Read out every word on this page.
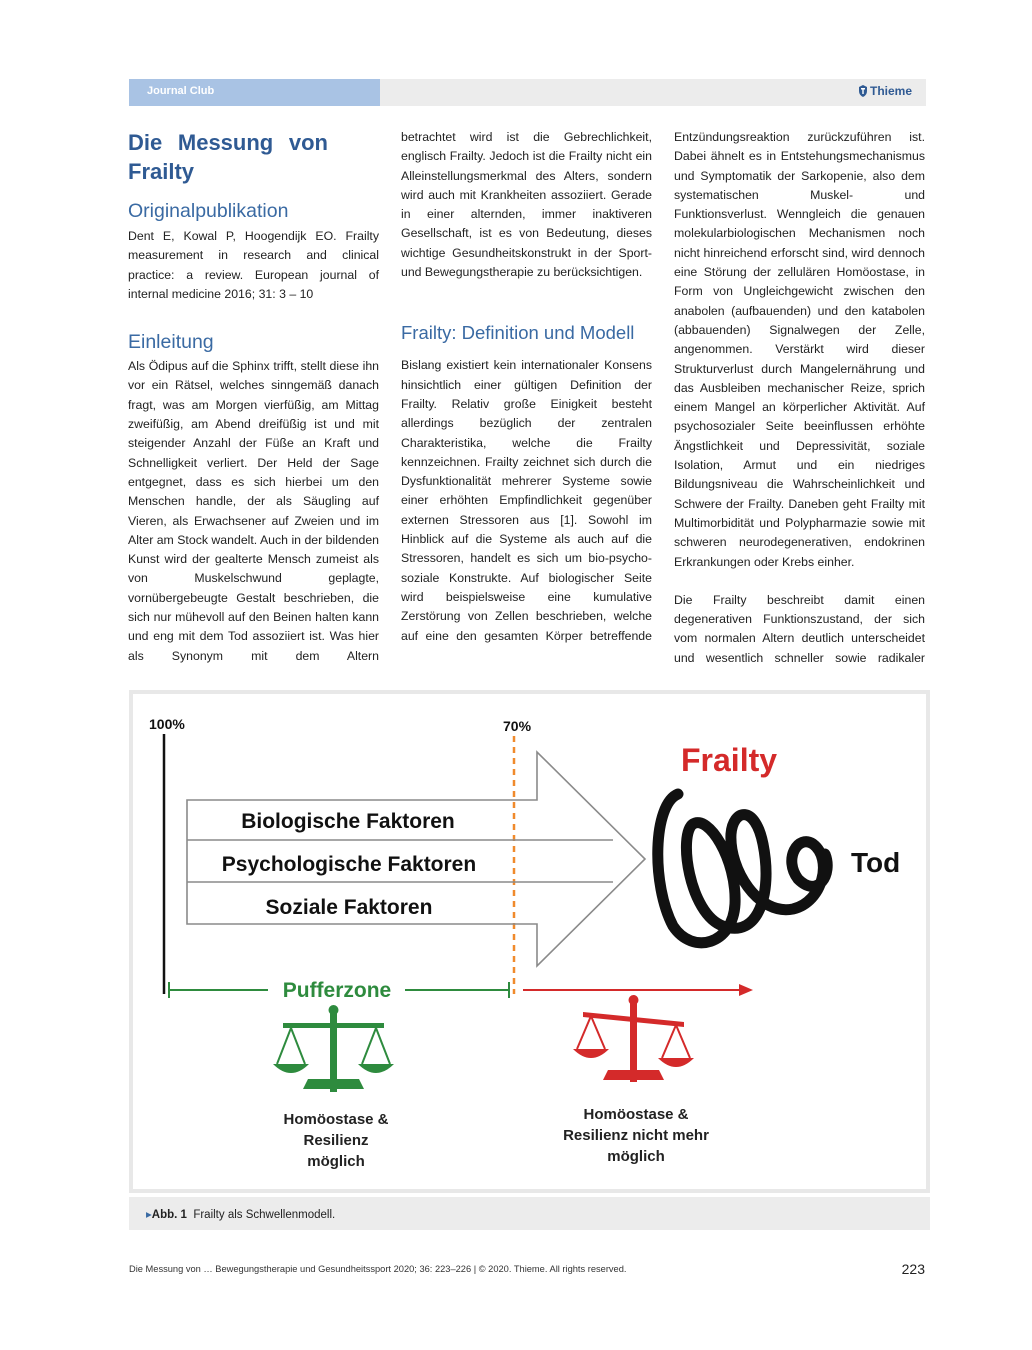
Journal Club	Thieme
Die Messung von Frailty
Originalpublikation

Dent E, Kowal P, Hoogendijk EO. Frailty measurement in research and clinical practice: a review. European journal of internal medicine 2016; 31: 3 – 10

Einleitung

Als Ödipus auf die Sphinx trifft, stellt diese ihn vor ein Rätsel, welches sinngemäß danach fragt, was am Morgen vierfüßig, am Mittag zweifüßig, am Abend dreifüßig ist und mit steigender Anzahl der Füße an Kraft und Schnelligkeit verliert. Der Held der Sage entgegnet, dass es sich hierbei um den Menschen handle, der als Säugling auf Vieren, als Erwachsener auf Zweien und im Alter am Stock wandelt. Auch in der bildenden Kunst wird der gealterte Mensch zumeist als von Muskelschwund geplagte, vornübergebeugte Gestalt beschrieben, die sich nur mühevoll auf den Beinen halten kann und eng mit dem Tod assoziiert ist. Was hier als Synonym mit dem Altern

betrachtet wird ist die Gebrechlichkeit, englisch Frailty. Jedoch ist die Frailty nicht ein Alleinstellungsmerkmal des Alters, sondern wird auch mit Krankheiten assoziiert. Gerade in einer alternden, immer inaktiveren Gesellschaft, ist es von Bedeutung, dieses wichtige Gesundheitskonstrukt in der Sport- und Bewegungstherapie zu berücksichtigen.

Frailty: Definition und Modell

Bislang existiert kein internationaler Konsens hinsichtlich einer gültigen Definition der Frailty. Relativ große Einigkeit besteht allerdings bezüglich der zentralen Charakteristika, welche die Frailty kennzeichnen. Frailty zeichnet sich durch die Dysfunktionalität mehrerer Systeme sowie einer erhöhten Empfindlichkeit gegenüber externen Stressoren aus [1]. Sowohl im Hinblick auf die Systeme als auch auf die Stressoren, handelt es sich um bio-psycho-soziale Konstrukte. Auf biologischer Seite wird beispielsweise eine kumulative Zerstörung von Zellen beschrieben, welche auf eine den gesamten Körper betreffende

Entzündungsreaktion zurückzuführen ist. Dabei ähnelt es in Entstehungsmechanismus und Symptomatik der Sarkopenie, also dem systematischen Muskel- und Funktionsverlust. Wenngleich die genauen molekularbiologischen Mechanismen noch nicht hinreichend erforscht sind, wird dennoch eine Störung der zellulären Homöostase, in Form von Ungleichgewicht zwischen den anabolen (aufbauenden) und den katabolen (abbauenden) Signalwegen der Zelle, angenommen. Verstärkt wird dieser Strukturverlust durch Mangelernährung und das Ausbleiben mechanischer Reize, sprich einem Mangel an körperlicher Aktivität. Auf psychosozialer Seite beeinflussen erhöhte Ängstlichkeit und Depressivität, soziale Isolation, Armut und ein niedriges Bildungsniveau die Wahrscheinlichkeit und Schwere der Frailty. Daneben geht Frailty mit Multimorbidität und Polypharmazie sowie mit schweren neurodegenerativen, endokrinen Erkrankungen oder Krebs einher.

Die Frailty beschreibt damit einen degenerativen Funktionszustand, der sich vom normalen Altern deutlich unterscheidet und wesentlich schneller sowie radikaler

100%	70%
Biologische Faktoren
Psychologische Faktoren
Soziale Faktoren
Frailty
Tod
Pufferzone
Homöostase &
Resilienz
möglich
Homöostase &
Resilienz nicht mehr
möglich
▸Abb. 1 Frailty als Schwellenmodell.
Die Messung von … Bewegungstherapie und Gesundheitssport 2020; 36: 223–226 | © 2020. Thieme. All rights reserved.	223
